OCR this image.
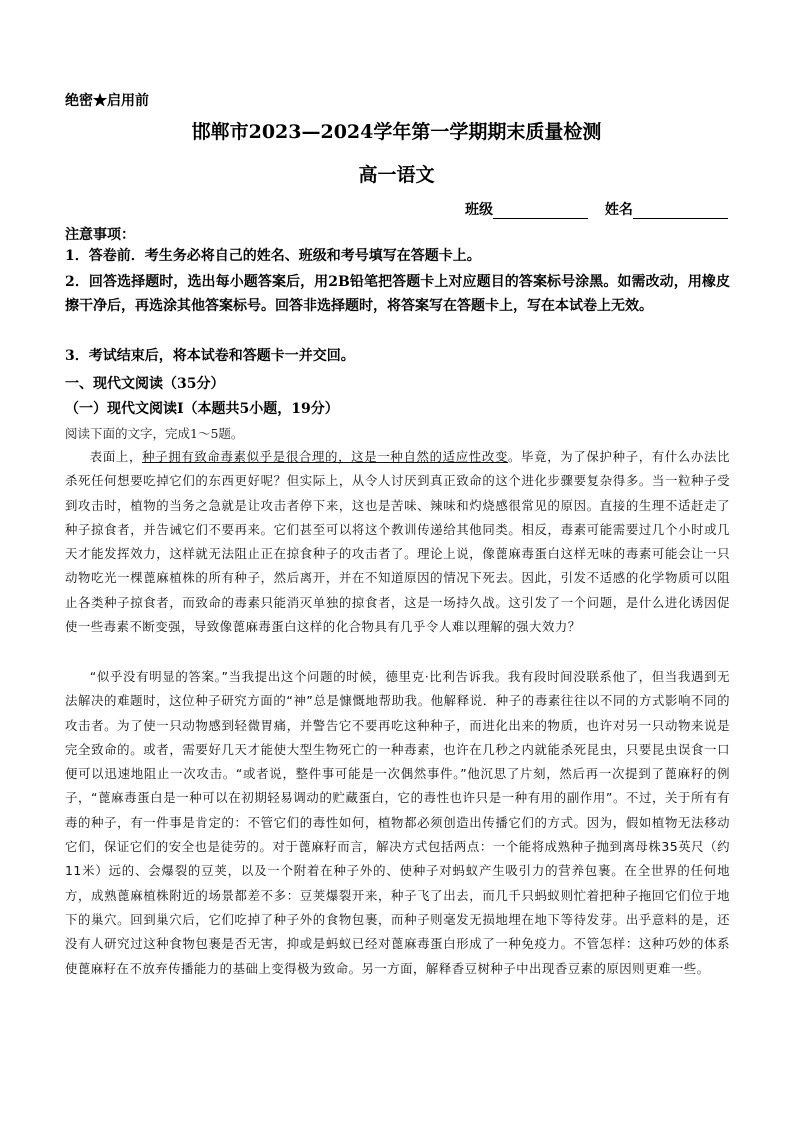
绝密★启用前
邯郸市2023—2024学年第一学期期末质量检测
高一语文
班级	姓名
注意事项：
1．答卷前．考生务必将自己的姓名、班级和考号填写在答题卡上。
2．回答选择题时，选出每小题答案后，用2B铅笔把答题卡上对应题目的答案标号涂黑。如需改动，用橡皮擦干净后，再选涂其他答案标号。回答非选择题时，将答案写在答题卡上，写在本试卷上无效。
3．考试结束后，将本试卷和答题卡一并交回。
一、现代文阅读（35分）
（一）现代文阅读Ⅰ（本题共5小题，19分）
阅读下面的文字，完成1～5题。
表面上，种子拥有致命毒素似乎是很合理的，这是一种自然的适应性改变。毕竟，为了保护种子，有什么办法比杀死任何想要吃掉它们的东西更好呢？但实际上，从令人讨厌到真正致命的这个进化步骤要复杂得多。当一粒种子受到攻击时，植物的当务之急就是让攻击者停下来，这也是苦味、辣味和灼烧感很常见的原因。直接的生理不适赶走了种子掠食者，并告诫它们不要再来。它们甚至可以将这个教训传递给其他同类。相反，毒素可能需要过几个小时或几天才能发挥效力，这样就无法阻止正在掠食种子的攻击者了。理论上说，像蓖麻毒蛋白这样无味的毒素可能会让一只动物吃光一棵蓖麻植株的所有种子，然后离开，并在不知道原因的情况下死去。因此，引发不适感的化学物质可以阻止各类种子掠食者，而致命的毒素只能消灭单独的掠食者，这是一场持久战。这引发了一个问题，是什么进化诱因促使一些毒素不断变强，导致像蓖麻毒蛋白这样的化合物具有几乎令人难以理解的强大效力？
“似乎没有明显的答案。”当我提出这个问题的时候，德里克·比利告诉我。我有段时间没联系他了，但当我遇到无法解决的难题时，这位种子研究方面的“神”总是慷慨地帮助我。他解释说．种子的毒素往往以不同的方式影响不同的攻击者。为了使一只动物感到轻微胃痛，并警告它不要再吃这种种子，而进化出来的物质，也许对另一只动物来说是完全致命的。或者，需要好几天才能使大型生物死亡的一种毒素，也许在几秒之内就能杀死昆虫，只要昆虫误食一口便可以迅速地阻止一次攻击。“或者说，整件事可能是一次偶然事件。”他沉思了片刻，然后再一次提到了蓖麻籽的例子，“蓖麻毒蛋白是一种可以在初期轻易调动的贮藏蛋白，它的毒性也许只是一种有用的副作用”。不过，关于所有有毒的种子，有一件事是肯定的：不管它们的毒性如何，植物都必须创造出传播它们的方式。因为，假如植物无法移动它们，保证它们的安全也是徒劳的。对于蓖麻籽而言，解决方式包括两点：一个能将成熟种子抛到离母株35英尺（约11米）远的、会爆裂的豆荚，以及一个附着在种子外的、使种子对蚂蚁产生吸引力的营养包裹。在全世界的任何地方，成熟蓖麻植株附近的场景都差不多：豆荚爆裂开来，种子飞了出去，而几千只蚂蚁则忙着把种子拖回它们位于地下的巢穴。回到巢穴后，它们吃掉了种子外的食物包裹，而种子则毫发无损地埋在地下等待发芽。出乎意料的是，还没有人研究过这种食物包裹是否无害，抑或是蚂蚁已经对蓖麻毒蛋白形成了一种免疫力。不管怎样：这种巧妙的体系使蓖麻籽在不放弃传播能力的基础上变得极为致命。另一方面，解释香豆树种子中出现香豆素的原因则更难一些。
